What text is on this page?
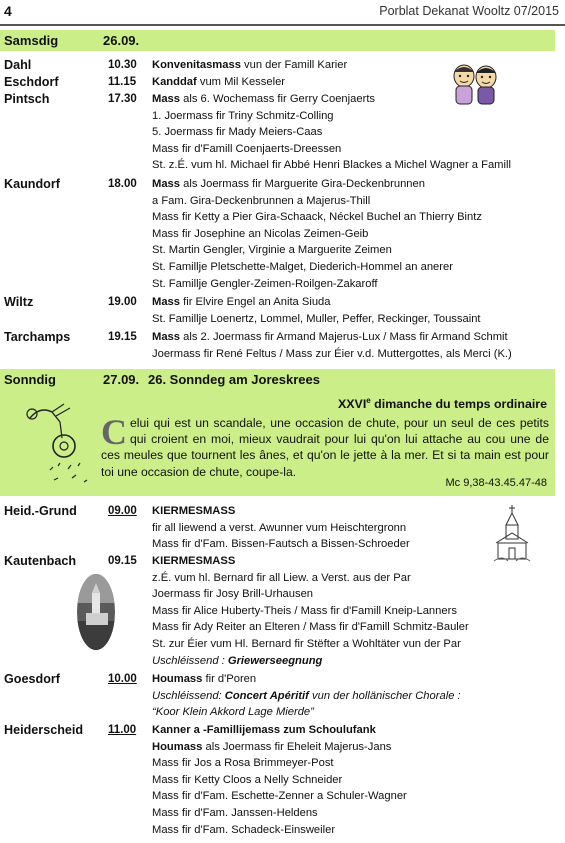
4	Porblat Dekanat Wooltz 07/2015
Samsdig	26.09.
Dahl	10.30 Konvenitasmass vun der Famill Karier
Eschdorf	11.15 Kanddaf vum Mil Kesseler
Pintsch	17.30 Mass als 6. Wochemass fir Gerry Coenjaerts
1. Joermass fir Triny Schmitz-Colling
5. Joermass fir Mady Meiers-Caas
Mass fir d'Famill Coenjaerts-Dreessen
St. z.É. vum hl. Michael fir Abbé Henri Blackes a Michel Wagner a Famill
Kaundorf	18.00 Mass als Joermass fir Marguerite Gira-Deckenbrunnen
a Fam. Gira-Deckenbrunnen a Majerus-Thill
Mass fir Ketty a Pier Gira-Schaack, Néckel Buchel an Thierry Bintz
Mass fir Josephine an Nicolas Zeimen-Geib
St. Martin Gengler, Virginie a Marguerite Zeimen
St. Famillje Pletschette-Malget, Diederich-Hommel an anerer
St. Famillje Gengler-Zeimen-Roilgen-Zakaroff
Wiltz	19.00 Mass fir Elvire Engel an Anita Siuda
St. Famillje Loenertz, Lommel, Muller, Peffer, Reckinger, Toussaint
Tarchamps	19.15 Mass als 2. Joermass fir Armand Majerus-Lux / Mass fir Armand Schmit
Joermass fir René Feltus / Mass zur Éier v.d. Muttergottes, als Merci (K.)
Sonndig	27.09. 26. Sonndeg am Joreskrees
XXVIe dimanche du temps ordinaire
Celui qui est un scandale, une occasion de chute, pour un seul de ces petits qui croient en moi, mieux vaudrait pour lui qu'on lui attache au cou une de ces meules que tournent les ânes, et qu'on le jette à la mer. Et si ta main est pour toi une occasion de chute, coupe-la.
Mc 9,38-43.45.47-48
Heid.-Grund	09.00 KIERMESMASS
fir all liewend a verst. Awunner vum Heischtergronn
Mass fir d'Fam. Bissen-Fautsch a Bissen-Schroeder
Kautenbach	09.15 KIERMESMASS
z.É. vum hl. Bernard fir all Liew. a Verst. aus der Par
Joermass fir Josy Brill-Urhausen
Mass fir Alice Huberty-Theis / Mass fir d'Famill Kneip-Lanners
Mass fir Ady Reiter an Elteren / Mass fir d'Famill Schmitz-Bauler
St. zur Éier vum Hl. Bernard fir Stëfter a Wohltäter vun der Par
Uschléissend : Griewerseegnung
Goesdorf	10.00 Houmass fir d'Poren
Uschléissend: Concert Apéritif vun der hollänischer Chorale :
“Koor Klein Akkord Lage Mierde”
Heiderscheid 11.00 Kanner a -Famillijemass zum Schoulufank
Houmass als Joermass fir Eheleit Majerus-Jans
Mass fir Jos a Rosa Brimmeyer-Post
Mass fir Ketty Cloos a Nelly Schneider
Mass fir d'Fam. Eschette-Zenner a Schuler-Wagner
Mass fir d'Fam. Janssen-Heldens
Mass fir d'Fam. Schadeck-Einsweiler
